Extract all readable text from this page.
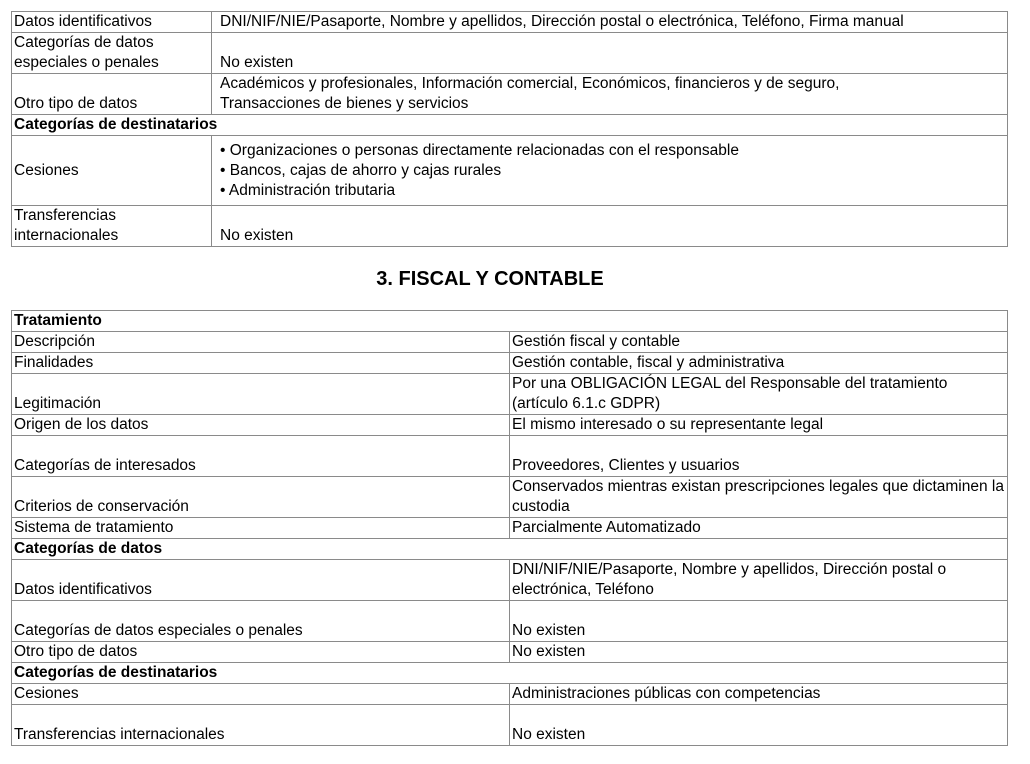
Datos identificativos	DNI/NIF/NIE/Pasaporte, Nombre y apellidos, Dirección postal o electrónica, Teléfono, Firma manual
Categorías de datos especiales o penales	No existen
Otro tipo de datos	Académicos y profesionales, Información comercial, Económicos, financieros y de seguro,
Transacciones de bienes y servicios

Categorías de destinatarios	
Cesiones	• Organizaciones o personas directamente relacionadas con el responsable
• Bancos, cajas de ahorro y cajas rurales
• Administración tributaria

Transferencias internacionales	No existen
3. FISCAL Y CONTABLE
Tratamiento	
Descripción	Gestión fiscal y contable
Finalidades	Gestión contable, fiscal y administrativa
Legitimación	Por una OBLIGACIÓN LEGAL del Responsable del tratamiento (artículo 6.1.c GDPR)
Origen de los datos	El mismo interesado o su representante legal
Categorías de interesados	Proveedores, Clientes y usuarios
Criterios de conservación	Conservados mientras existan prescripciones legales que dictaminen la custodia
Sistema de tratamiento	Parcialmente Automatizado
Categorías de datos	
Datos identificativos	DNI/NIF/NIE/Pasaporte, Nombre y apellidos, Dirección postal o electrónica, Teléfono
Categorías de datos especiales o penales	No existen
Otro tipo de datos	No existen
Categorías de destinatarios	
Cesiones	Administraciones públicas con competencias
Transferencias internacionales	No existen
